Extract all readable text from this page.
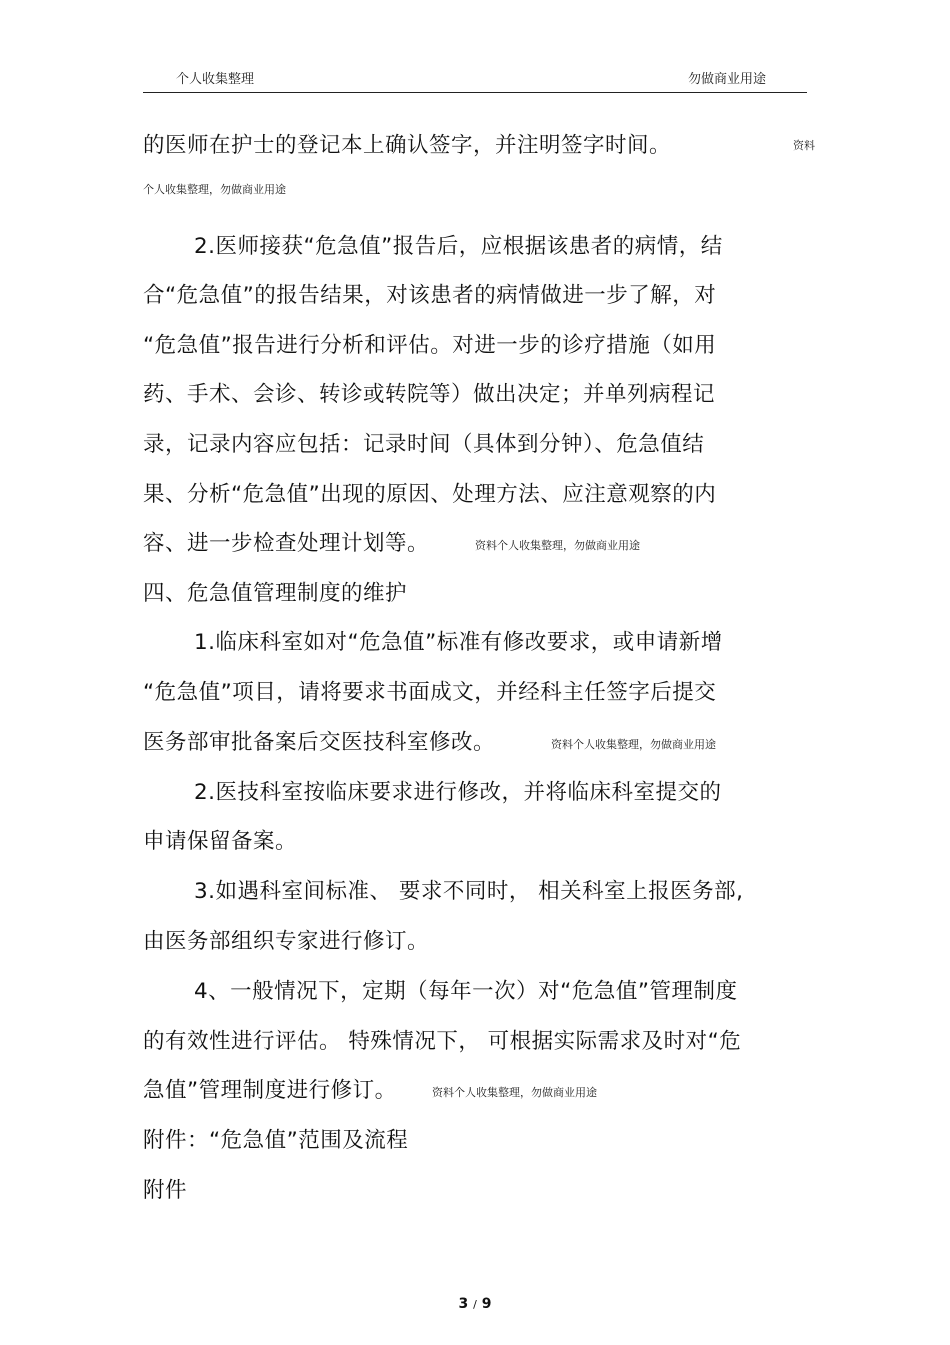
个人收集整理	勿做商业用途
的医师在护士的登记本上确认签字，并注明签字时间。	资料
个人收集整理，勿做商业用途
2.医师接获“危急值”报告后，应根据该患者的病情，结
合“危急值”的报告结果，对该患者的病情做进一步了解，对
“危急值”报告进行分析和评估。对进一步的诊疗措施（如用
药、手术、会诊、转诊或转院等）做出决定；并单列病程记
录，记录内容应包括：记录时间（具体到分钟）、危急值结
果、分析“危急值”出现的原因、处理方法、应注意观察的内
容、进一步检查处理计划等。	资料个人收集整理，勿做商业用途
四、危急值管理制度的维护
1.临床科室如对“危急值”标准有修改要求，或申请新增
“危急值”项目，请将要求书面成文，并经科主任签字后提交
医务部审批备案后交医技科室修改。	资料个人收集整理，勿做商业用途
2.医技科室按临床要求进行修改，并将临床科室提交的
申请保留备案。
3.如遇科室间标准、 要求不同时， 相关科室上报医务部,
由医务部组织专家进行修订。
4、一般情况下，定期（每年一次）对“危急值”管理制度
的有效性进行评估。 特殊情况下， 可根据实际需求及时对“危
急值”管理制度进行修订。	资料个人收集整理，勿做商业用途
附件：“危急值”范围及流程
附件
3 / 9
